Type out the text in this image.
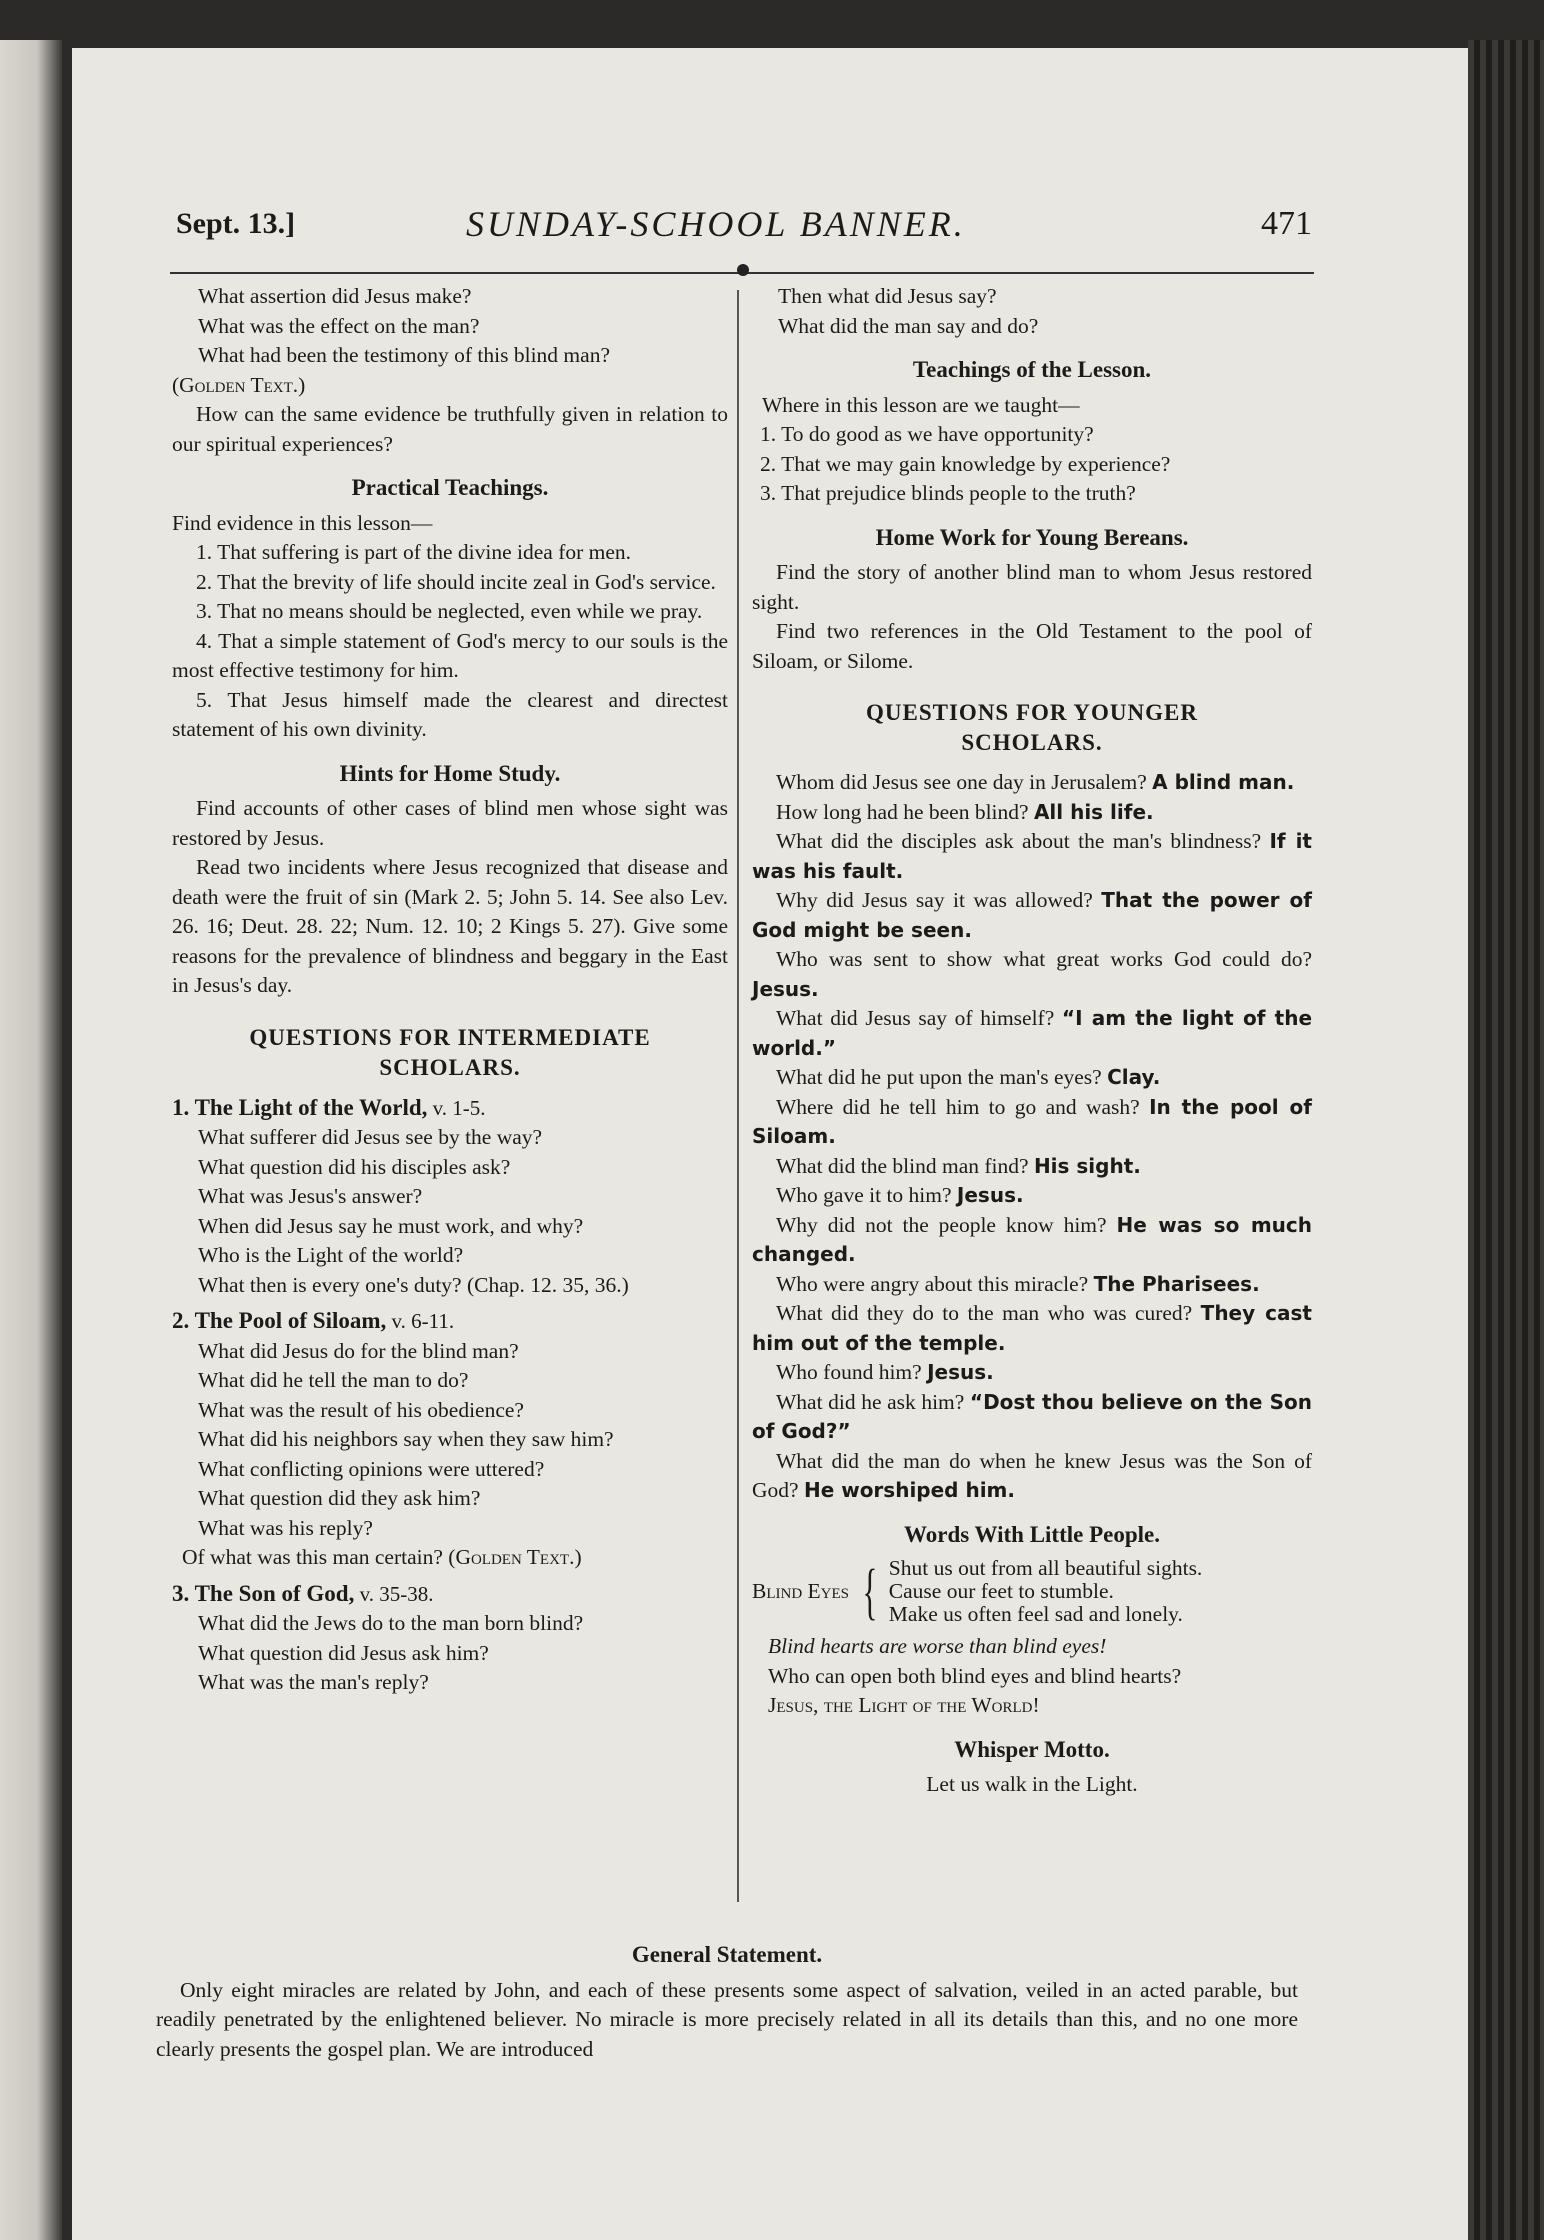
Sept. 13.]	SUNDAY-SCHOOL BANNER.	471

What assertion did Jesus make?

What was the effect on the man?

What had been the testimony of this blind man?

(Golden Text.)

How can the same evidence be truthfully given in relation to our spiritual experiences?

Practical Teachings.

Find evidence in this lesson—

1. That suffering is part of the divine idea for men.

2. That the brevity of life should incite zeal in God's service.

3. That no means should be neglected, even while we pray.

4. That a simple statement of God's mercy to our souls is the most effective testimony for him.

5. That Jesus himself made the clearest and directest statement of his own divinity.

Hints for Home Study.

Find accounts of other cases of blind men whose sight was restored by Jesus.

Read two incidents where Jesus recognized that disease and death were the fruit of sin (Mark 2. 5; John 5. 14. See also Lev. 26. 16; Deut. 28. 22; Num. 12. 10; 2 Kings 5. 27). Give some reasons for the prevalence of blindness and beggary in the East in Jesus's day.

QUESTIONS FOR INTERMEDIATE
SCHOLARS.

1. The Light of the World, v. 1-5.

What sufferer did Jesus see by the way?

What question did his disciples ask?

What was Jesus's answer?

When did Jesus say he must work, and why?

Who is the Light of the world?

What then is every one's duty? (Chap. 12. 35, 36.)

2. The Pool of Siloam, v. 6-11.

What did Jesus do for the blind man?

What did he tell the man to do?

What was the result of his obedience?

What did his neighbors say when they saw him?

What conflicting opinions were uttered?

What question did they ask him?

What was his reply?

Of what was this man certain? (Golden Text.)

3. The Son of God, v. 35-38.

What did the Jews do to the man born blind?

What question did Jesus ask him?

What was the man's reply?

Then what did Jesus say?

What did the man say and do?

Teachings of the Lesson.

Where in this lesson are we taught—

1. To do good as we have opportunity?

2. That we may gain knowledge by experience?

3. That prejudice blinds people to the truth?

Home Work for Young Bereans.

Find the story of another blind man to whom Jesus restored sight.

Find two references in the Old Testament to the pool of Siloam, or Silome.

QUESTIONS FOR YOUNGER
SCHOLARS.

Whom did Jesus see one day in Jerusalem? A blind man.

How long had he been blind? All his life.

What did the disciples ask about the man's blindness? If it was his fault.

Why did Jesus say it was allowed? That the power of God might be seen.

Who was sent to show what great works God could do? Jesus.

What did Jesus say of himself? “I am the light of the world.”

What did he put upon the man's eyes? Clay.

Where did he tell him to go and wash? In the pool of Siloam.

What did the blind man find? His sight.

Who gave it to him? Jesus.

Why did not the people know him? He was so much changed.

Who were angry about this miracle? The Pharisees.

What did they do to the man who was cured? They cast him out of the temple.

Who found him? Jesus.

What did he ask him? “Dost thou believe on the Son of God?”

What did the man do when he knew Jesus was the Son of God? He worshiped him.

Words With Little People.

Blind Eyes { Shut us out from all beautiful sights.
Cause our feet to stumble.
Make us often feel sad and lonely.

Blind hearts are worse than blind eyes!

Who can open both blind eyes and blind hearts?

Jesus, the Light of the World!

Whisper Motto.

Let us walk in the Light.

General Statement.

Only eight miracles are related by John, and each of these presents some aspect of salvation, veiled in an acted parable, but readily penetrated by the enlightened believer. No miracle is more precisely related in all its details than this, and no one more clearly presents the gospel plan. We are introduced
